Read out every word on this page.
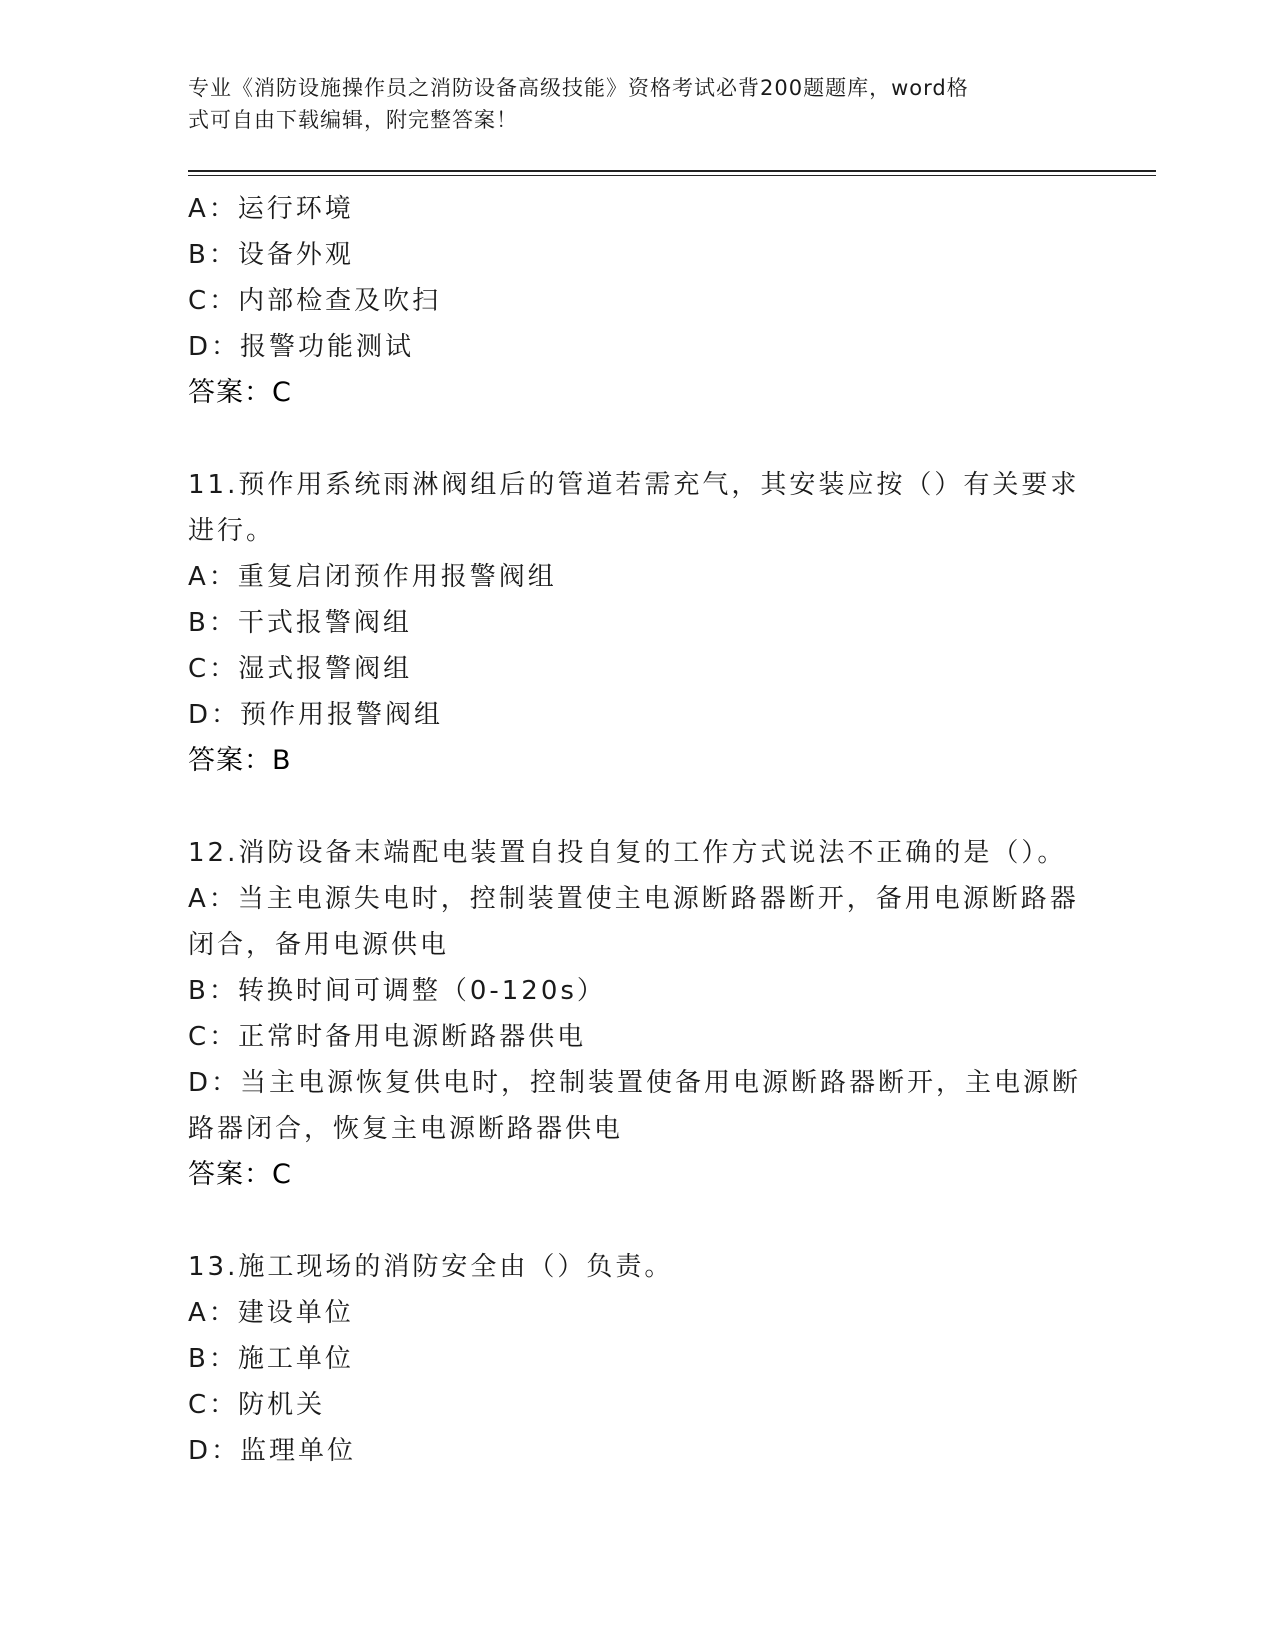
专业《消防设施操作员之消防设备高级技能》资格考试必背200题题库，word格
式可自由下载编辑，附完整答案！
A：运行环境
B：设备外观
C：内部检查及吹扫
D：报警功能测试
答案：C
11.预作用系统雨淋阀组后的管道若需充气，其安装应按（）有关要求
进行。
A：重复启闭预作用报警阀组
B：干式报警阀组
C：湿式报警阀组
D：预作用报警阀组
答案：B
12.消防设备末端配电装置自投自复的工作方式说法不正确的是（）。
A：当主电源失电时，控制装置使主电源断路器断开，备用电源断路器
闭合，备用电源供电
B：转换时间可调整（0-120s）
C：正常时备用电源断路器供电
D：当主电源恢复供电时，控制装置使备用电源断路器断开，主电源断
路器闭合，恢复主电源断路器供电
答案：C
13.施工现场的消防安全由（）负责。
A：建设单位
B：施工单位
C：防机关
D：监理单位
